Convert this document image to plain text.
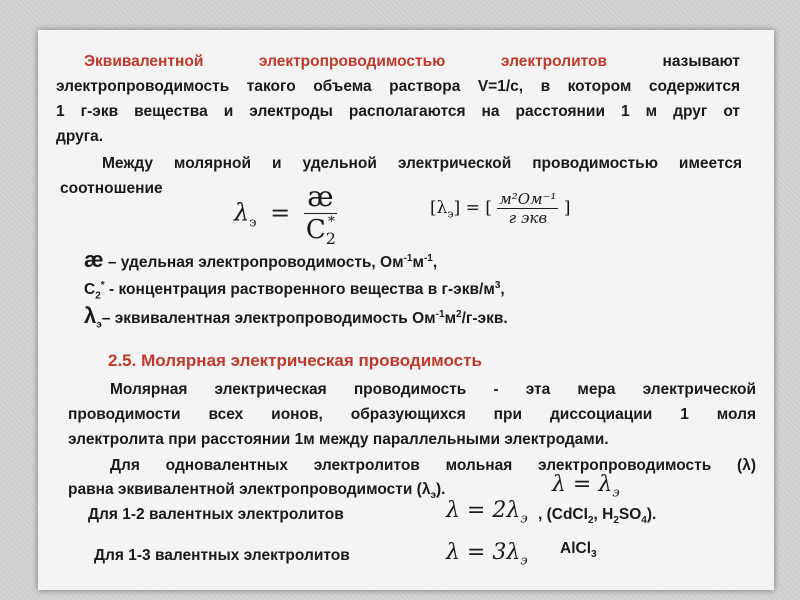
Эквивалентной	электропроводимостью	электролитов	называют
электропроводимость такого объема раствора V=1/c, в котором содержится
1 г-экв вещества и электроды располагаются на расстоянии 1 м друг от
друга.
Между молярной и удельной электрической проводимостью имеется
соотношение
$\lambda_э = \frac{æ}{C_2^*}$	$[\lambda_э]$ = [ $\frac{\text{м²Ом⁻¹}}{\text{г экв}}$ ]
æ – удельная электропроводимость, $Ом^{-1}м^{-1}$,
$С_2^*$ - концентрация растворенного вещества в $г-экв/м^3$,
$\lambda_э-$ эквивалентная электропроводимость $Ом^{-1}м^2/г$-экв.
2.5. Молярная электрическая проводимость
Молярная электрическая проводимость - эта мера электрической
проводимости всех ионов, образующихся при диссоциации 1 моля
электролита при расстоянии 1м между параллельными электродами.
Для одновалентных электролитов мольная электропроводимость (λ)
равна эквивалентной электропроводимости $(\lambda_э)$.	$\lambda = \lambda_э$
Для 1-2 валентных электролитов	$\lambda = 2\lambda_э$ , (CdCI$_2$, $H_2SO_4$).
Для 1-3 валентных электролитов	$\lambda = 3\lambda_э$
AlCl$_3$
